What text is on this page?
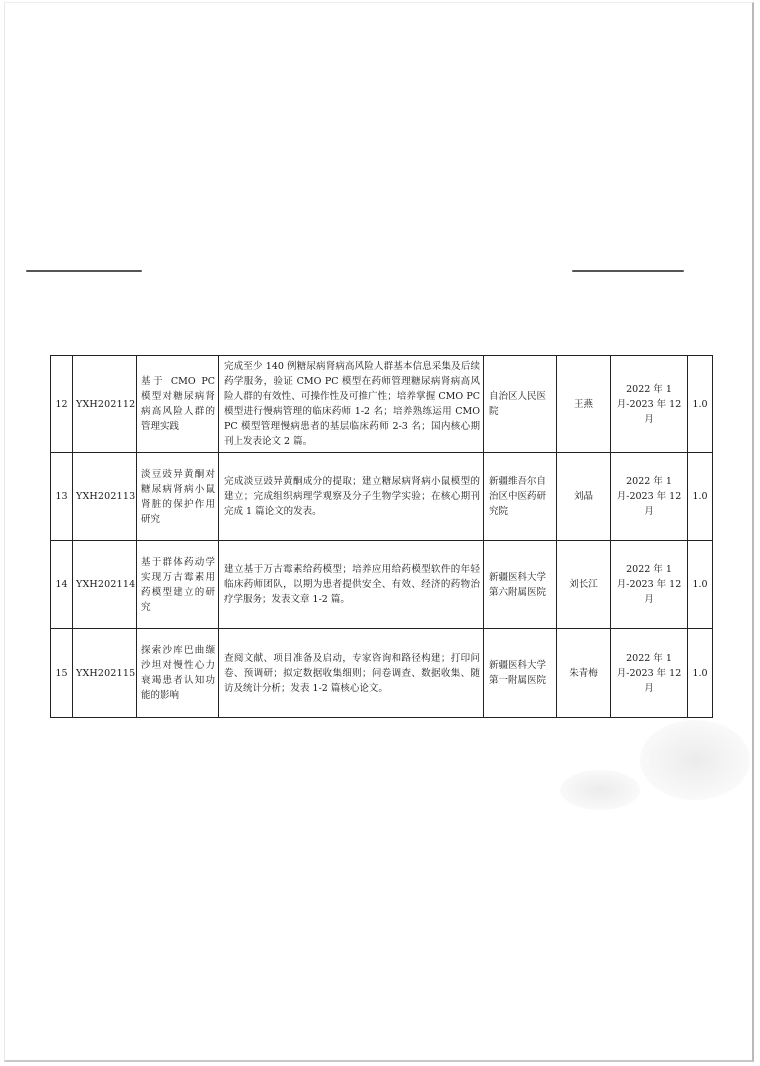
12	YXH202112	基于 CMO PC 模型对糖尿病肾病高风险人群的管理实践	完成至少 140 例糖尿病肾病高风险人群基本信息采集及后续药学服务，验证 CMO PC 模型在药师管理糖尿病肾病高风险人群的有效性、可操作性及可推广性；培养掌握 CMO PC 模型进行慢病管理的临床药师 1-2 名；培养熟练运用 CMO PC 模型管理慢病患者的基层临床药师 2-3 名；国内核心期刊上发表论文 2 篇。	自治区人民医院	王燕	2022 年 1 月-2023 年 12 月	1.0
13	YXH202113	淡豆豉异黄酮对糖尿病肾病小鼠肾脏的保护作用研究	完成淡豆豉异黄酮成分的提取；建立糖尿病肾病小鼠模型的建立；完成组织病理学观察及分子生物学实验；在核心期刊完成 1 篇论文的发表。	新疆维吾尔自治区中医药研究院	刘晶	2022 年 1 月-2023 年 12 月	1.0
14	YXH202114	基于群体药动学实现万古霉素用药模型建立的研究	建立基于万古霉素给药模型；培养应用给药模型软件的年轻临床药师团队，以期为患者提供安全、有效、经济的药物治疗学服务；发表文章 1-2 篇。	新疆医科大学第六附属医院	刘长江	2022 年 1 月-2023 年 12 月	1.0
15	YXH202115	探索沙库巴曲缬沙坦对慢性心力衰竭患者认知功能的影响	查阅文献、项目准备及启动，专家咨询和路径构建；打印问卷、预调研；拟定数据收集细则；问卷调查、数据收集、随访及统计分析；发表 1-2 篇核心论文。	新疆医科大学第一附属医院	朱青梅	2022 年 1 月-2023 年 12 月	1.0
